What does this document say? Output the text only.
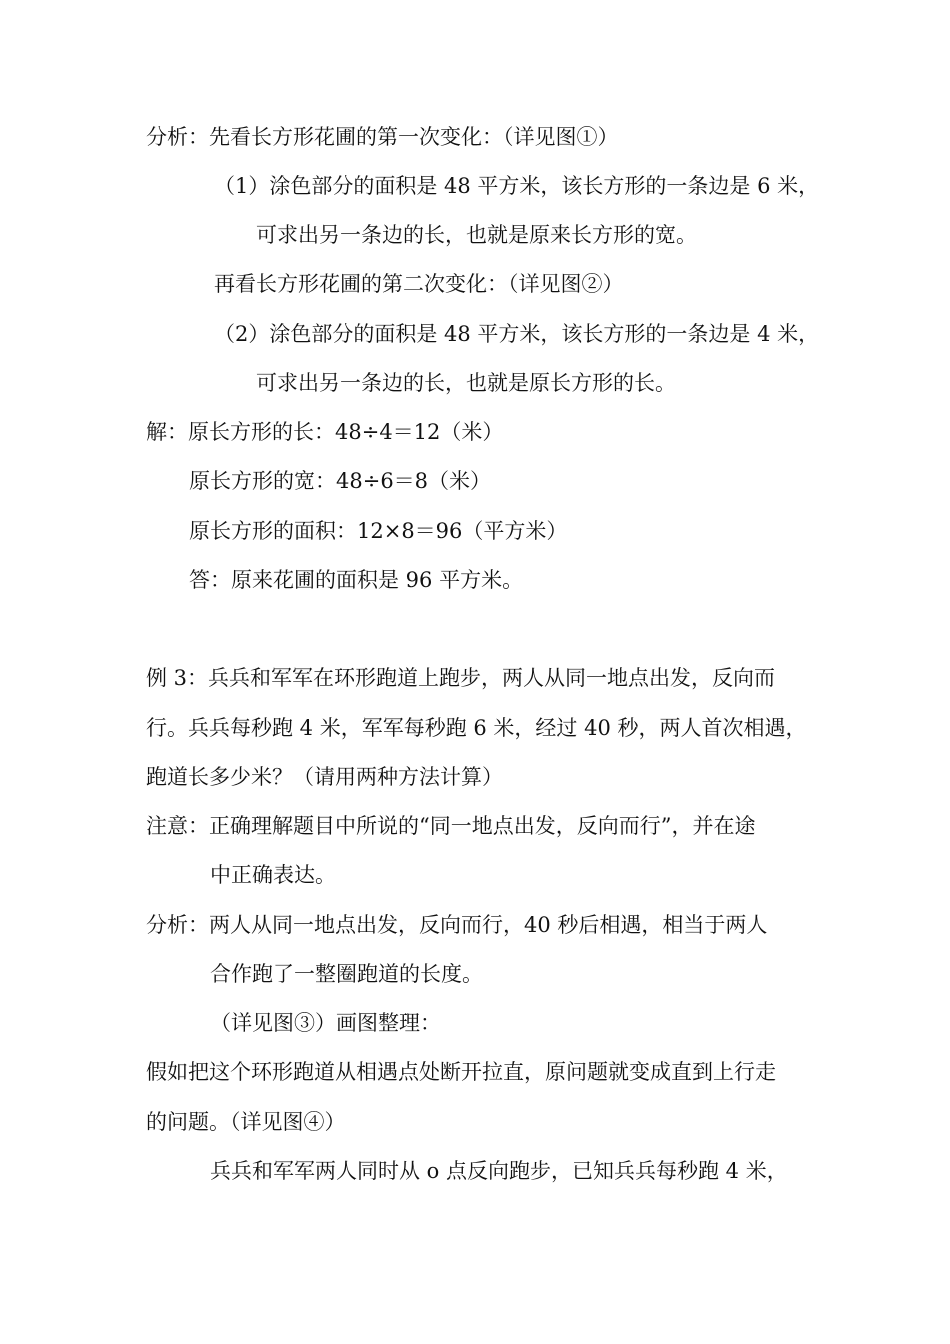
分析：先看长方形花圃的第一次变化：（详见图①）
（1）涂色部分的面积是 48 平方米，该长方形的一条边是 6 米，
可求出另一条边的长，也就是原来长方形的宽。
再看长方形花圃的第二次变化：（详见图②）
（2）涂色部分的面积是 48 平方米，该长方形的一条边是 4 米，
可求出另一条边的长，也就是原长方形的长。
解：原长方形的长：48÷4＝12（米）
原长方形的宽：48÷6＝8（米）
原长方形的面积：12×8＝96（平方米）
答：原来花圃的面积是 96 平方米。
例 3：兵兵和军军在环形跑道上跑步，两人从同一地点出发，反向而
行。兵兵每秒跑 4 米，军军每秒跑 6 米，经过 40 秒，两人首次相遇，
跑道长多少米？（请用两种方法计算）
注意：正确理解题目中所说的“同一地点出发，反向而行”，并在途
中正确表达。
分析：两人从同一地点出发，反向而行，40 秒后相遇，相当于两人
合作跑了一整圈跑道的长度。
（详见图③）画图整理：
假如把这个环形跑道从相遇点处断开拉直，原问题就变成直到上行走
的问题。（详见图④）
兵兵和军军两人同时从 o 点反向跑步，已知兵兵每秒跑 4 米，
